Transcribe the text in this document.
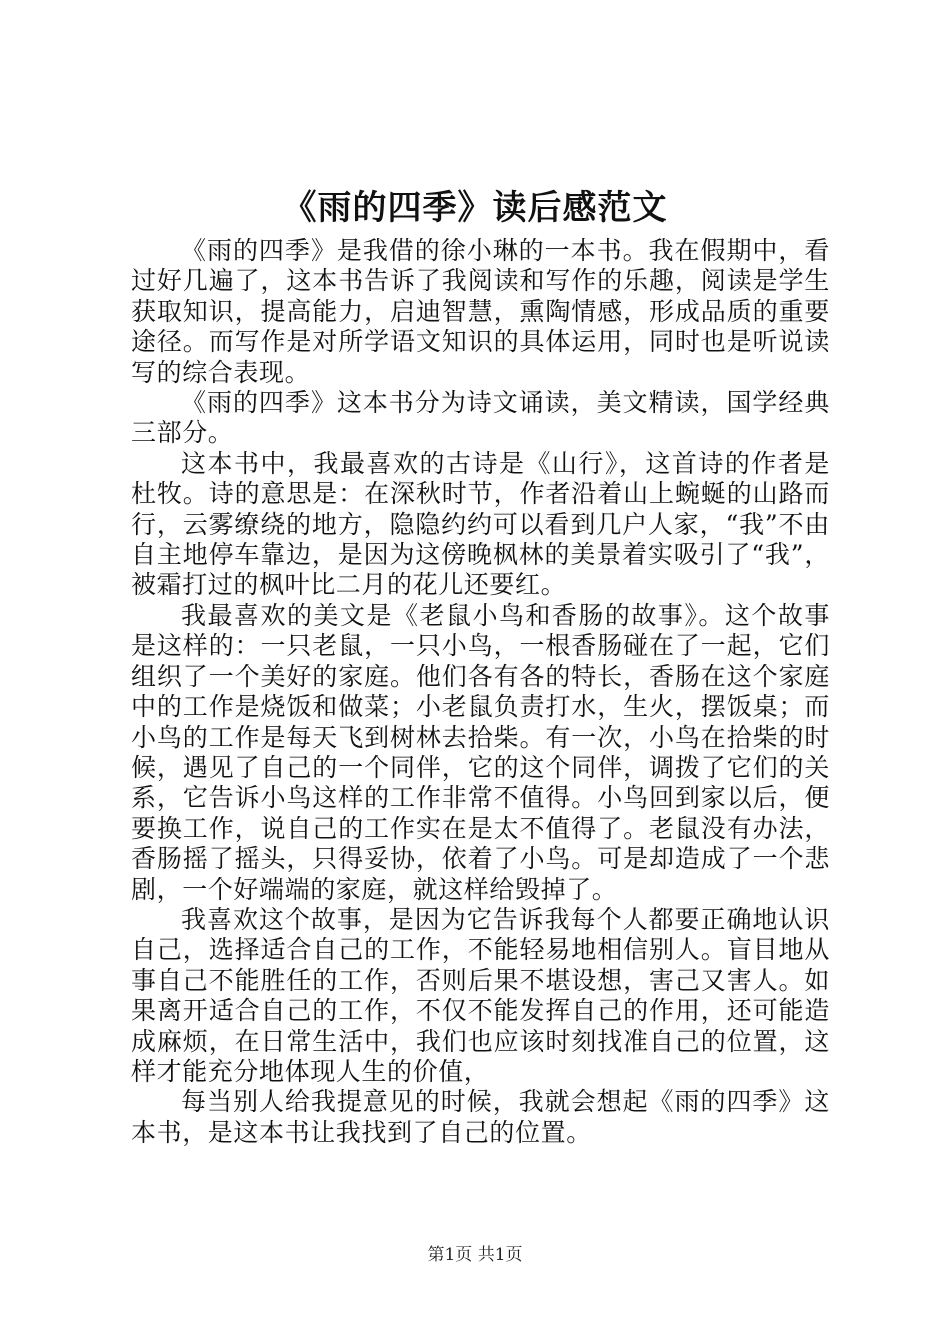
《雨的四季》读后感范文

《雨的四季》是我借的徐小琳的一本书。我在假期中，看过好几遍了，这本书告诉了我阅读和写作的乐趣，阅读是学生获取知识，提高能力，启迪智慧，熏陶情感，形成品质的重要途径。而写作是对所学语文知识的具体运用，同时也是听说读写的综合表现。

《雨的四季》这本书分为诗文诵读，美文精读，国学经典三部分。

这本书中，我最喜欢的古诗是《山行》，这首诗的作者是杜牧。诗的意思是：在深秋时节，作者沿着山上蜿蜒的山路而行，云雾缭绕的地方，隐隐约约可以看到几户人家，“我”不由自主地停车靠边，是因为这傍晚枫林的美景着实吸引了“我”，被霜打过的枫叶比二月的花儿还要红。

我最喜欢的美文是《老鼠小鸟和香肠的故事》。这个故事是这样的：一只老鼠，一只小鸟，一根香肠碰在了一起，它们组织了一个美好的家庭。他们各有各的特长，香肠在这个家庭中的工作是烧饭和做菜；小老鼠负责打水，生火，摆饭桌；而小鸟的工作是每天飞到树林去拾柴。有一次，小鸟在拾柴的时候，遇见了自己的一个同伴，它的这个同伴，调拨了它们的关系，它告诉小鸟这样的工作非常不值得。小鸟回到家以后，便要换工作，说自己的工作实在是太不值得了。老鼠没有办法，香肠摇了摇头，只得妥协，依着了小鸟。可是却造成了一个悲剧，一个好端端的家庭，就这样给毁掉了。

我喜欢这个故事，是因为它告诉我每个人都要正确地认识自己，选择适合自己的工作，不能轻易地相信别人。盲目地从事自己不能胜任的工作，否则后果不堪设想，害己又害人。如果离开适合自己的工作，不仅不能发挥自己的作用，还可能造成麻烦，在日常生活中，我们也应该时刻找准自己的位置，这样才能充分地体现人生的价值，

每当别人给我提意见的时候，我就会想起《雨的四季》这本书，是这本书让我找到了自己的位置。

第1页 共1页
